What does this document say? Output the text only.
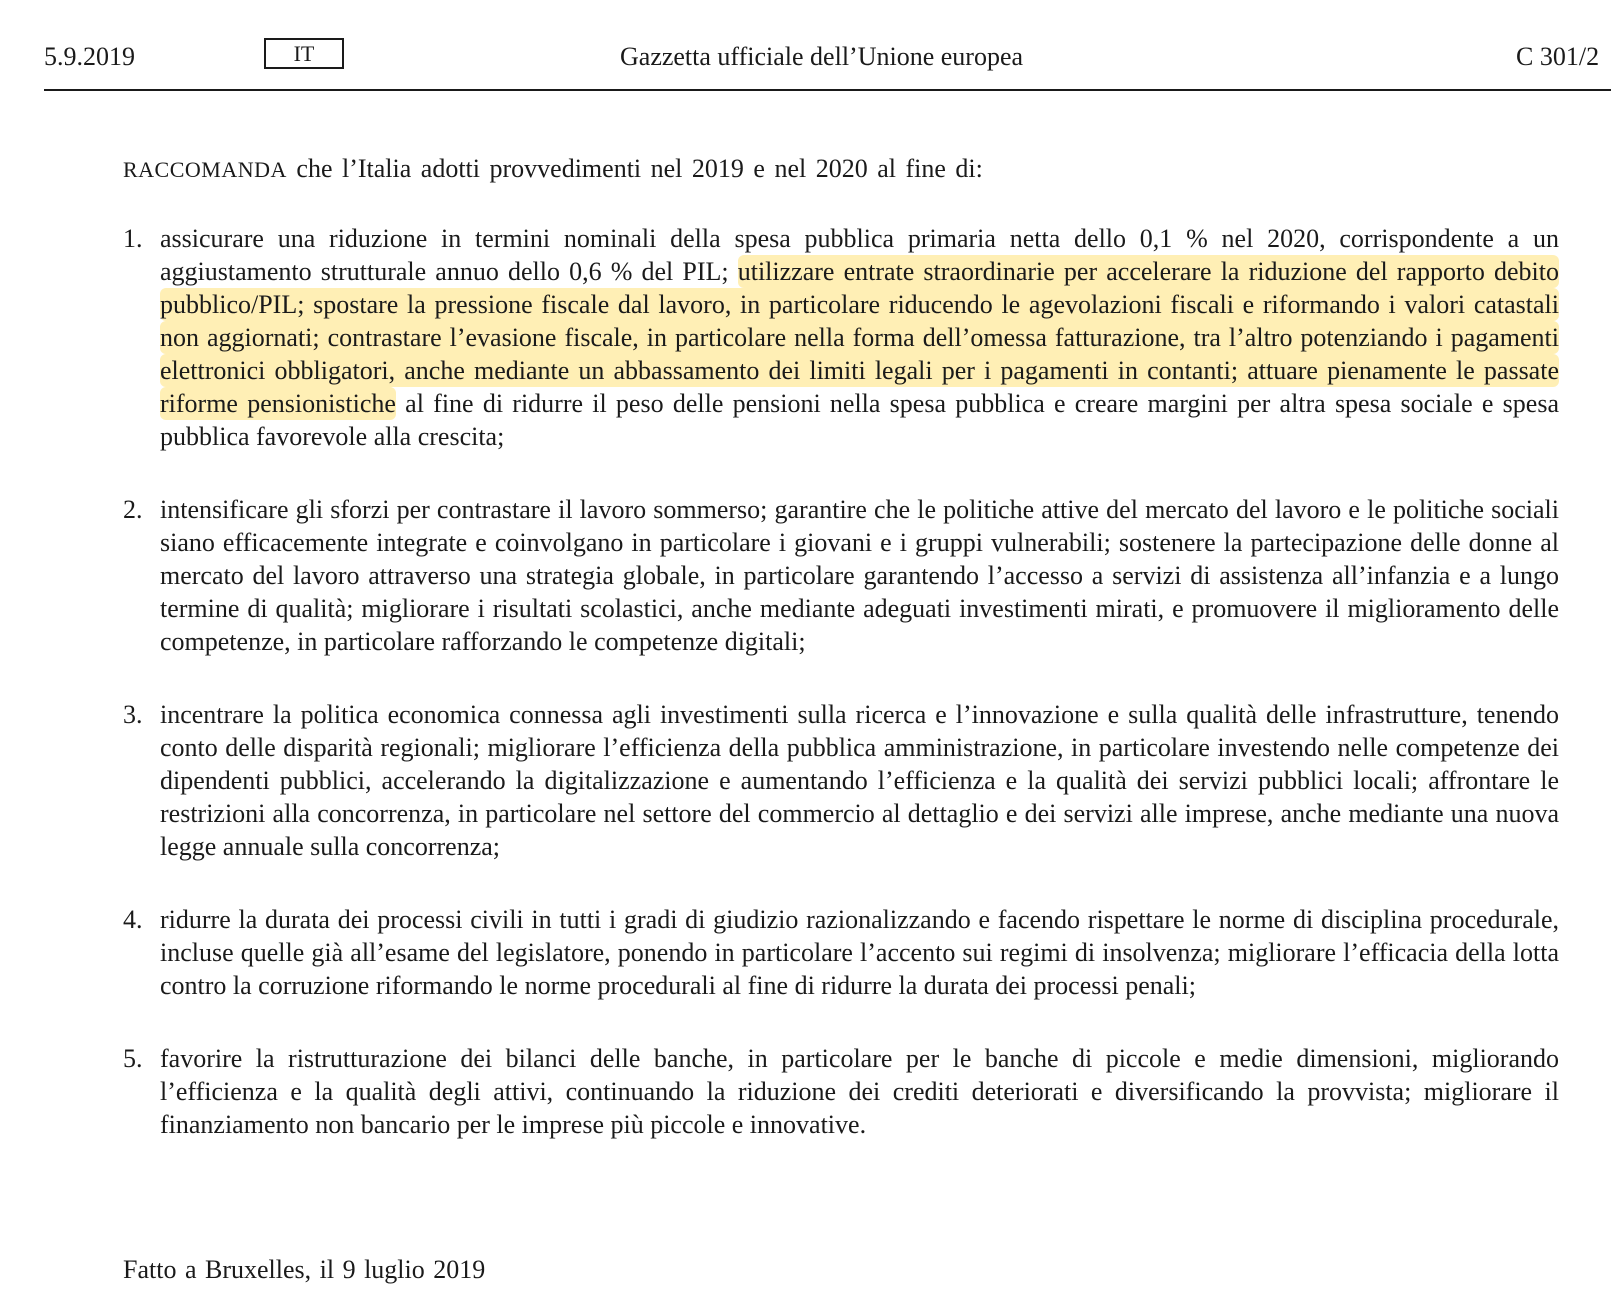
5.9.2019	IT	Gazzetta ufficiale dell’Unione europea	C 301/2
RACCOMANDA che l’Italia adotti provvedimenti nel 2019 e nel 2020 al fine di:
1. assicurare una riduzione in termini nominali della spesa pubblica primaria netta dello 0,1 % nel 2020, corrispondente a un aggiustamento strutturale annuo dello 0,6 % del PIL; utilizzare entrate straordinarie per accelerare la riduzione del rapporto debito pubblico/PIL; spostare la pressione fiscale dal lavoro, in particolare riducendo le agevolazioni fiscali e riformando i valori catastali non aggiornati; contrastare l’evasione fiscale, in particolare nella forma dell’omessa fatturazione, tra l’altro potenziando i pagamenti elettronici obbligatori, anche mediante un abbassamento dei limiti legali per i pagamenti in contanti; attuare pienamente le passate riforme pensionistiche al fine di ridurre il peso delle pensioni nella spesa pubblica e creare margini per altra spesa sociale e spesa pubblica favorevole alla crescita;
2. intensificare gli sforzi per contrastare il lavoro sommerso; garantire che le politiche attive del mercato del lavoro e le politiche sociali siano efficacemente integrate e coinvolgano in particolare i giovani e i gruppi vulnerabili; sostenere la partecipazione delle donne al mercato del lavoro attraverso una strategia globale, in particolare garantendo l’accesso a servizi di assistenza all’infanzia e a lungo termine di qualità; migliorare i risultati scolastici, anche mediante adeguati investimenti mirati, e promuovere il miglioramento delle competenze, in particolare rafforzando le competenze digitali;
3. incentrare la politica economica connessa agli investimenti sulla ricerca e l’innovazione e sulla qualità delle infrastrutture, tenendo conto delle disparità regionali; migliorare l’efficienza della pubblica amministrazione, in particolare investendo nelle competenze dei dipendenti pubblici, accelerando la digitalizzazione e aumentando l’efficienza e la qualità dei servizi pubblici locali; affrontare le restrizioni alla concorrenza, in particolare nel settore del commercio al dettaglio e dei servizi alle imprese, anche mediante una nuova legge annuale sulla concorrenza;
4. ridurre la durata dei processi civili in tutti i gradi di giudizio razionalizzando e facendo rispettare le norme di disciplina procedurale, incluse quelle già all’esame del legislatore, ponendo in particolare l’accento sui regimi di insolvenza; migliorare l’efficacia della lotta contro la corruzione riformando le norme procedurali al fine di ridurre la durata dei processi penali;
5. favorire la ristrutturazione dei bilanci delle banche, in particolare per le banche di piccole e medie dimensioni, migliorando l’efficienza e la qualità degli attivi, continuando la riduzione dei crediti deteriorati e diversificando la provvista; migliorare il finanziamento non bancario per le imprese più piccole e innovative.
Fatto a Bruxelles, il 9 luglio 2019
